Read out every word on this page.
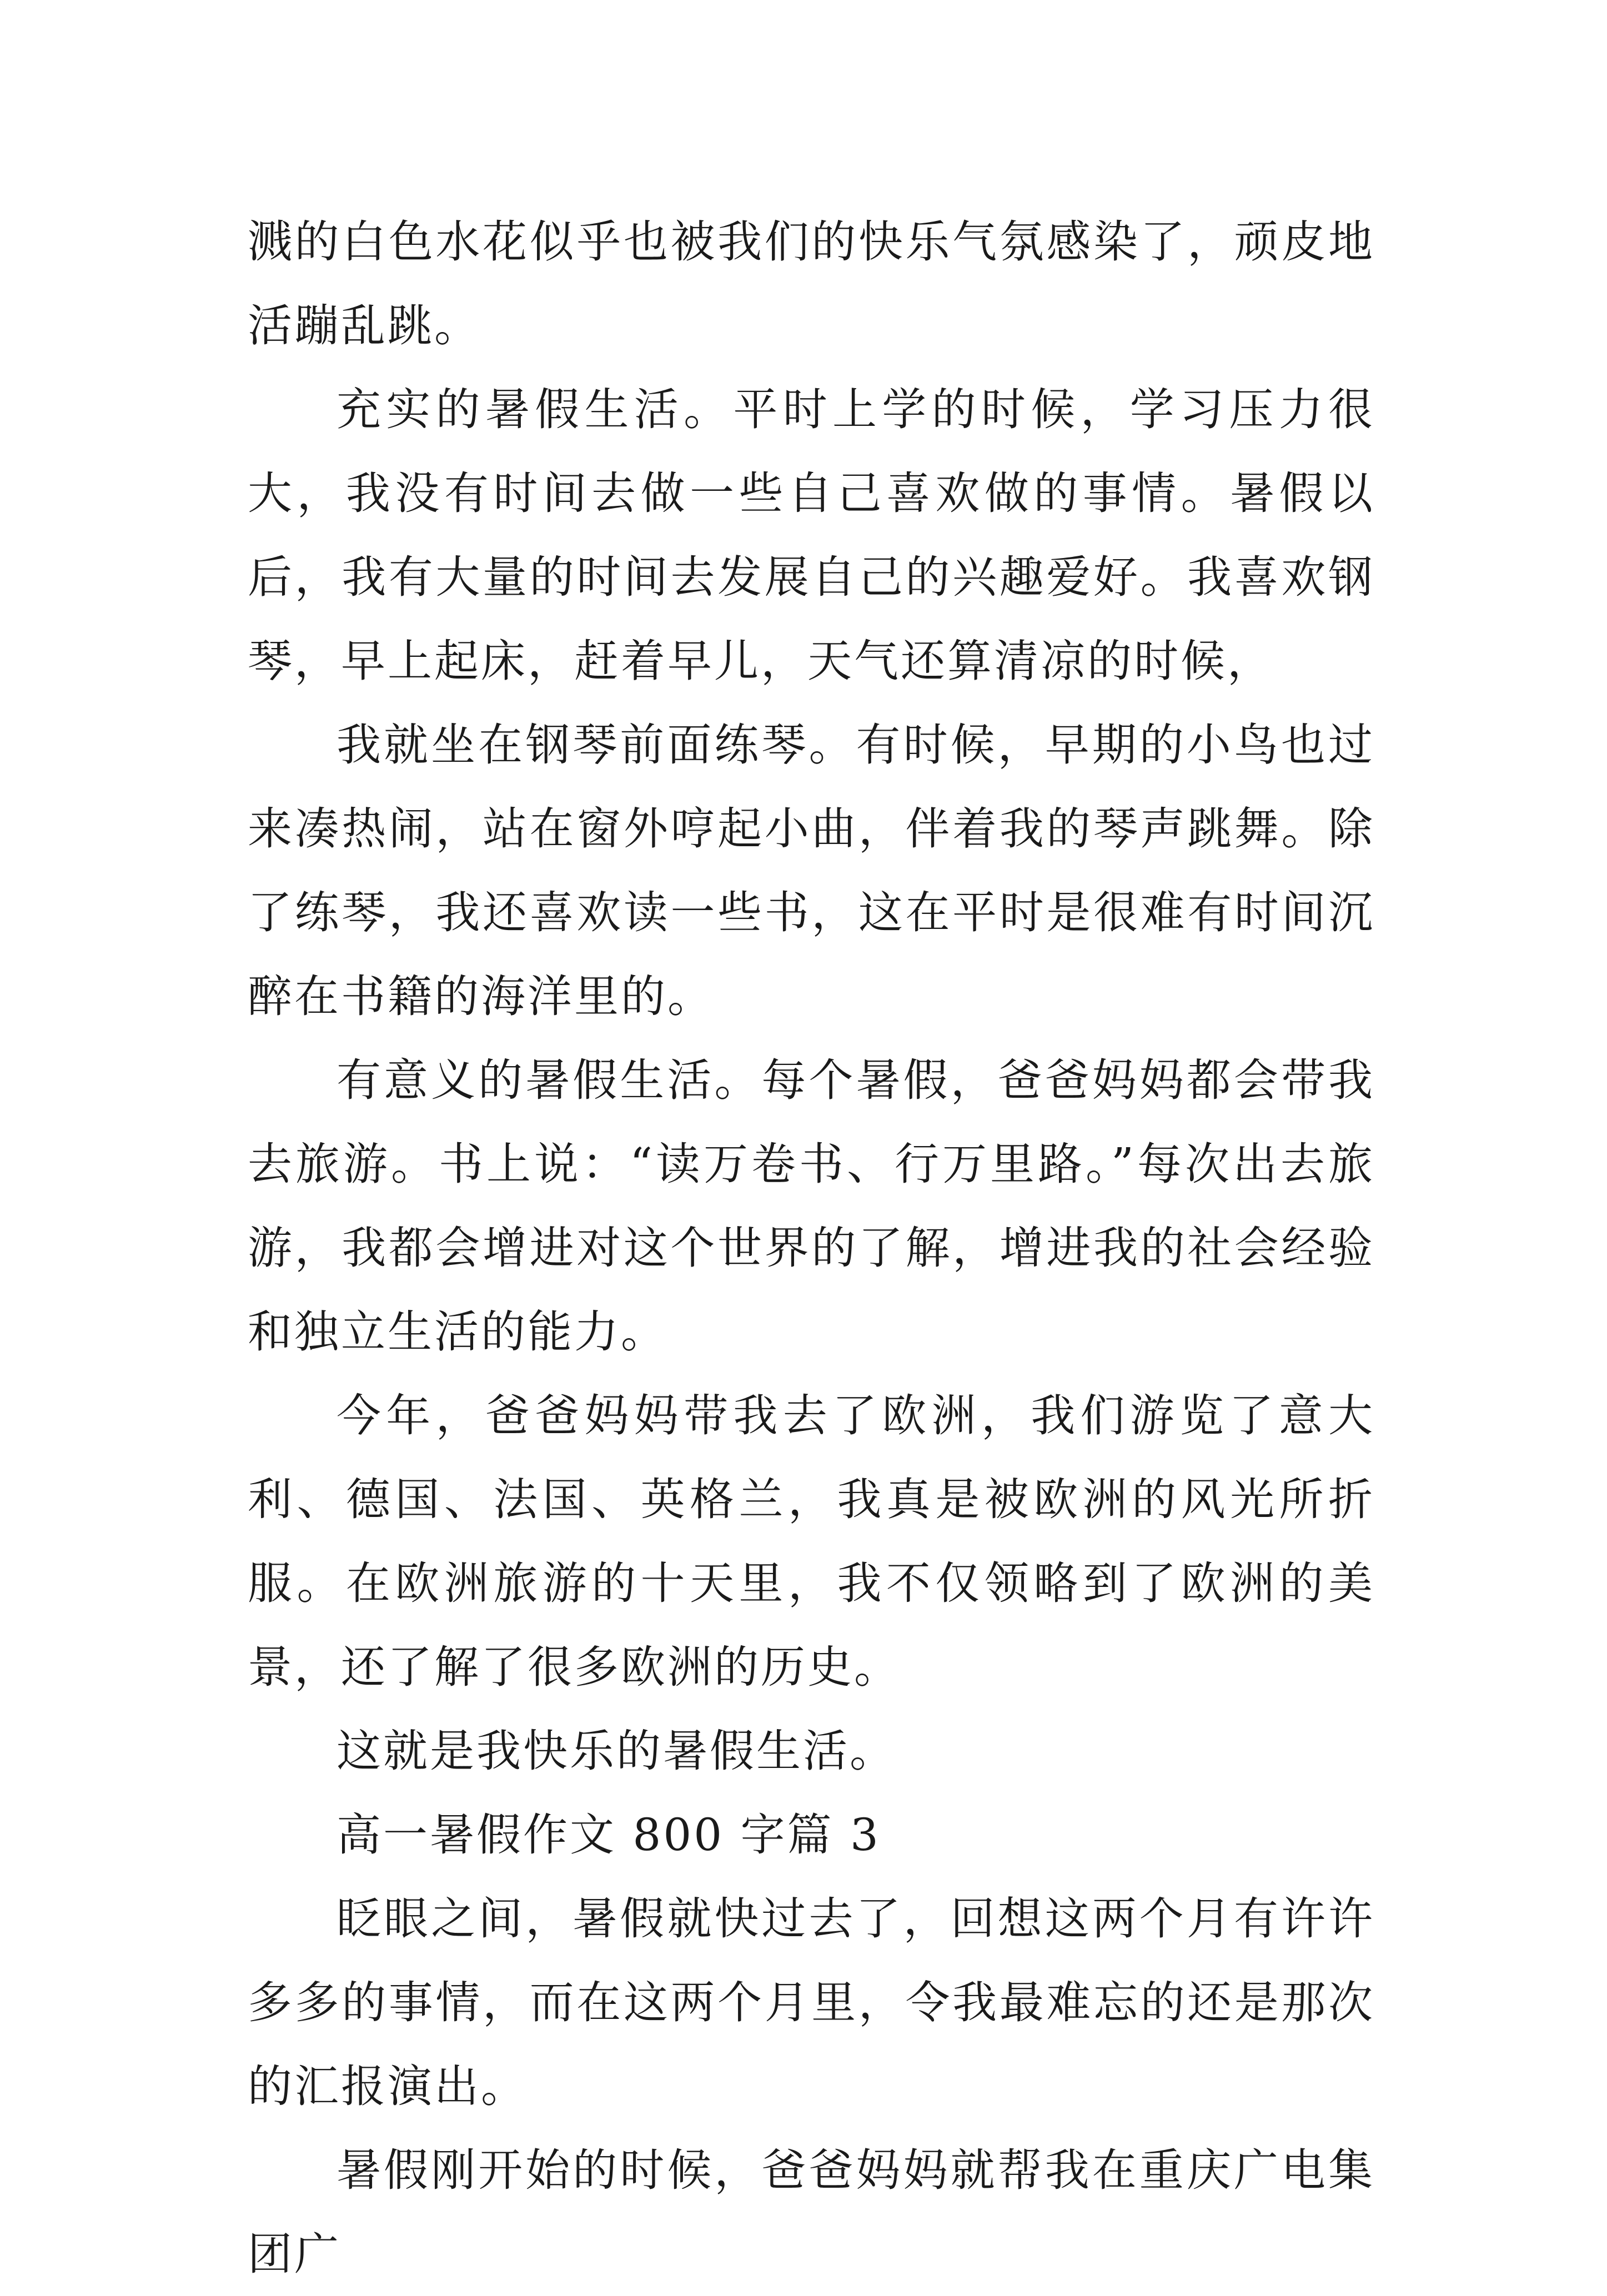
溅的白色水花似乎也被我们的快乐气氛感染了，顽皮地活蹦乱跳。

充实的暑假生活。平时上学的时候，学习压力很大，我没有时间去做一些自己喜欢做的事情。暑假以后，我有大量的时间去发展自己的兴趣爱好。我喜欢钢琴，早上起床，赶着早儿，天气还算清凉的时候，

我就坐在钢琴前面练琴。有时候，早期的小鸟也过来凑热闹，站在窗外哼起小曲，伴着我的琴声跳舞。除了练琴，我还喜欢读一些书，这在平时是很难有时间沉醉在书籍的海洋里的。

有意义的暑假生活。每个暑假，爸爸妈妈都会带我去旅游。书上说：“读万卷书、行万里路。”每次出去旅游，我都会增进对这个世界的了解，增进我的社会经验和独立生活的能力。

今年，爸爸妈妈带我去了欧洲，我们游览了意大利、德国、法国、英格兰，我真是被欧洲的风光所折服。在欧洲旅游的十天里，我不仅领略到了欧洲的美景，还了解了很多欧洲的历史。

这就是我快乐的暑假生活。

高一暑假作文 800 字篇 3

眨眼之间，暑假就快过去了，回想这两个月有许许多多的事情，而在这两个月里，令我最难忘的还是那次的汇报演出。

暑假刚开始的时候，爸爸妈妈就帮我在重庆广电集团广
